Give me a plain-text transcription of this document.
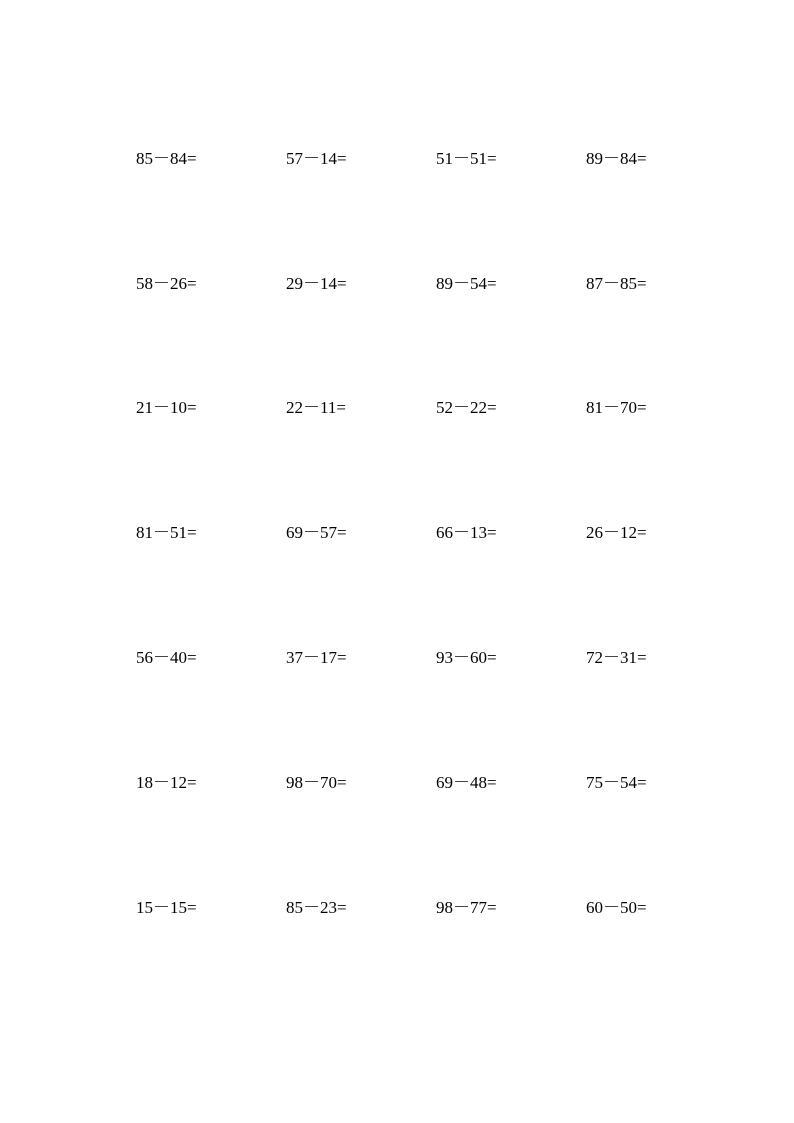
85－84=	57－14=	51－51=	89－84=
58－26=	29－14=	89－54=	87－85=
21－10=	22－11=	52－22=	81－70=
81－51=	69－57=	66－13=	26－12=
56－40=	37－17=	93－60=	72－31=
18－12=	98－70=	69－48=	75－54=
15－15=	85－23=	98－77=	60－50=
